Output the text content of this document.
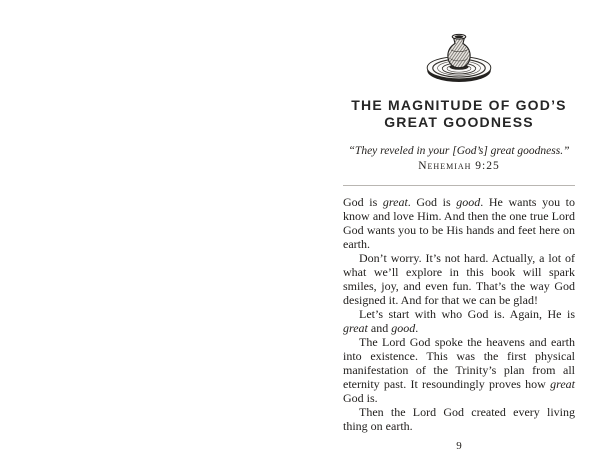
THE MAGNITUDE OF GOD’S
GREAT GOODNESS
“They reveled in your [God’s] great goodness.”
Nehemiah 9:25

God is great. God is good. He wants you to know and love Him. And then the one true Lord God wants you to be His hands and feet here on earth.

Don’t worry. It’s not hard. Actually, a lot of what we’ll explore in this book will spark smiles, joy, and even fun. That’s the way God designed it. And for that we can be glad!

Let’s start with who God is. Again, He is great and good.

The Lord God spoke the heavens and earth into existence. This was the first physical manifestation of the Trinity’s plan from all eternity past. It resoundingly proves how great God is.

Then the Lord God created every living thing on earth.

9
